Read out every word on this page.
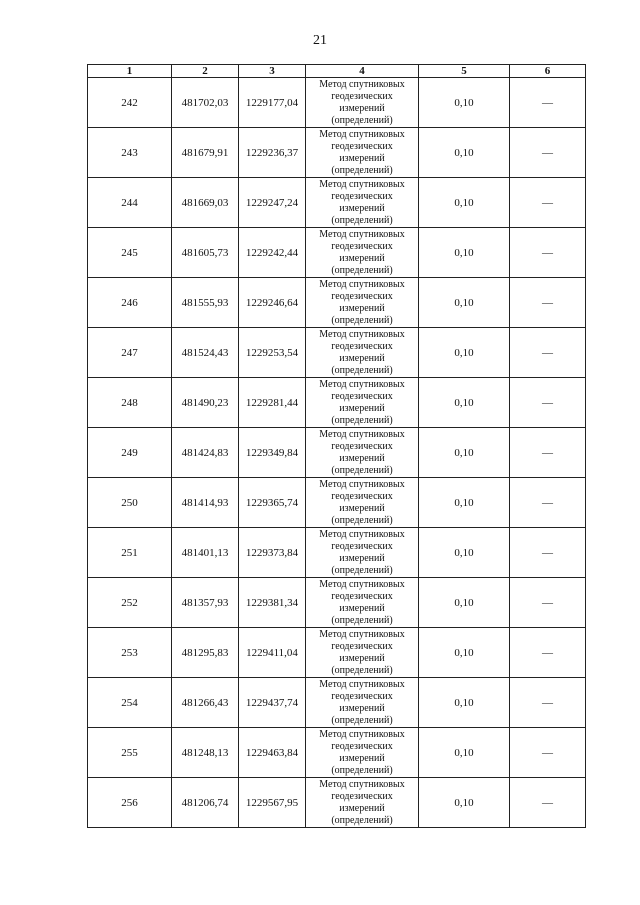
21
1	2	3	4	5	6
242	481702,03	1229177,04	Метод спутниковых геодезических измерений (определений)	0,10	—
243	481679,91	1229236,37	Метод спутниковых геодезических измерений (определений)	0,10	—
244	481669,03	1229247,24	Метод спутниковых геодезических измерений (определений)	0,10	—
245	481605,73	1229242,44	Метод спутниковых геодезических измерений (определений)	0,10	—
246	481555,93	1229246,64	Метод спутниковых геодезических измерений (определений)	0,10	—
247	481524,43	1229253,54	Метод спутниковых геодезических измерений (определений)	0,10	—
248	481490,23	1229281,44	Метод спутниковых геодезических измерений (определений)	0,10	—
249	481424,83	1229349,84	Метод спутниковых геодезических измерений (определений)	0,10	—
250	481414,93	1229365,74	Метод спутниковых геодезических измерений (определений)	0,10	—
251	481401,13	1229373,84	Метод спутниковых геодезических измерений (определений)	0,10	—
252	481357,93	1229381,34	Метод спутниковых геодезических измерений (определений)	0,10	—
253	481295,83	1229411,04	Метод спутниковых геодезических измерений (определений)	0,10	—
254	481266,43	1229437,74	Метод спутниковых геодезических измерений (определений)	0,10	—
255	481248,13	1229463,84	Метод спутниковых геодезических измерений (определений)	0,10	—
256	481206,74	1229567,95	Метод спутниковых геодезических измерений (определений)	0,10	—
